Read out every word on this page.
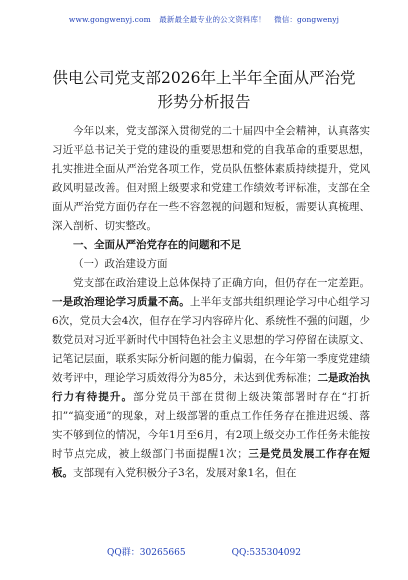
www.gongwenyj.com 最新最全最专业的公文资料库！ 微信：gongwenyj
供电公司党支部2026年上半年全面从严治党
形势分析报告

今年以来，党支部深入贯彻党的二十届四中全会精神，认真落实习近平总书记关于党的建设的重要思想和党的自我革命的重要思想，扎实推进全面从严治党各项工作，党员队伍整体素质持续提升，党风政风明显改善。但对照上级要求和党建工作绩效考评标准，支部在全面从严治党方面仍存在一些不容忽视的问题和短板，需要认真梳理、深入剖析、切实整改。

一、全面从严治党存在的问题和不足

（一）政治建设方面

党支部在政治建设上总体保持了正确方向，但仍存在一定差距。一是政治理论学习质量不高。上半年支部共组织理论学习中心组学习6次，党员大会4次，但存在学习内容碎片化、系统性不强的问题，少数党员对习近平新时代中国特色社会主义思想的学习停留在读原文、记笔记层面，联系实际分析问题的能力偏弱，在今年第一季度党建绩效考评中，理论学习质效得分为85分，未达到优秀标准；二是政治执行力有待提升。部分党员干部在贯彻上级决策部署时存在“打折扣”“搞变通”的现象，对上级部署的重点工作任务存在推进迟缓、落实不够到位的情况，今年1月至6月，有2项上级交办工作任务未能按时节点完成，被上级部门书面提醒1次；三是党员发展工作存在短板。支部现有入党积极分子3名，发展对象1名，但在

QQ群：30265665	QQ:535304092
